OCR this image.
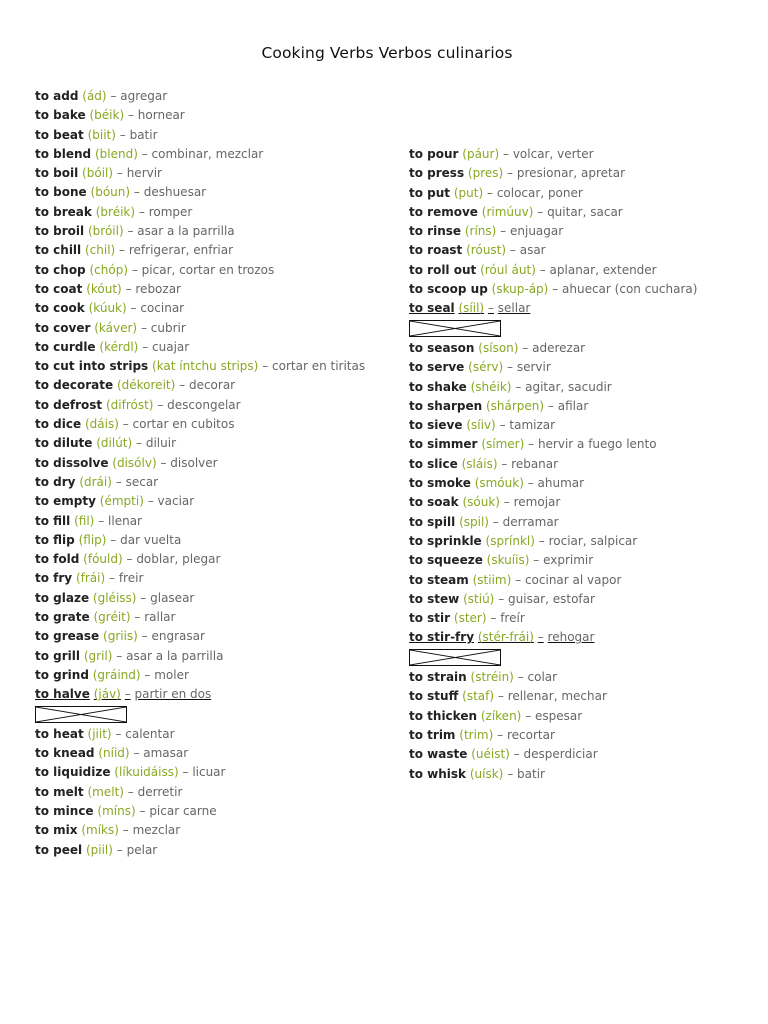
Cooking Verbs Verbos culinarios
to add (ád) – agregar
to bake (béik) – hornear
to beat (biit) – batir
to blend (blend) – combinar, mezclar
to boil (bóil) – hervir
to bone (bóun) – deshuesar
to break (bréik) – romper
to broil (bróil) – asar a la parrilla
to chill (chil) – refrigerar, enfriar
to chop (chóp) – picar, cortar en trozos
to coat (kóut) – rebozar
to cook (kúuk) – cocinar
to cover (káver) – cubrir
to curdle (kérdl) – cuajar
to cut into strips (kat íntchu strips) – cortar en tiritas
to decorate (dékoreit) – decorar
to defrost (difróst) – descongelar
to dice (dáis) – cortar en cubitos
to dilute (dilút) – diluir
to dissolve (disólv) – disolver
to dry (drái) – secar
to empty (émpti) – vaciar
to fill (fil) – llenar
to flip (flip) – dar vuelta
to fold (fóuld) – doblar, plegar
to fry (frái) – freir
to glaze (gléiss) – glasear
to grate (gréit) – rallar
to grease (griis) – engrasar
to grill (gril) – asar a la parrilla
to grind (gráind) – moler
to halve (jáv) – partir en dos
to heat (jiit) – calentar
to knead (níid) – amasar
to liquidize (líkuidáiss) – licuar
to melt (melt) – derretir
to mince (míns) – picar carne
to mix (míks) – mezclar
to peel (piil) – pelar
to pour (páur) – volcar, verter
to press (pres) – presionar, apretar
to put (put) – colocar, poner
to remove (rimúuv) – quitar, sacar
to rinse (ríns) – enjuagar
to roast (róust) – asar
to roll out (róul áut) – aplanar, extender
to scoop up (skup-áp) – ahuecar (con cuchara)
to seal (síil) – sellar
to season (síson) – aderezar
to serve (sérv) – servir
to shake (shéik) – agitar, sacudir
to sharpen (shárpen) – afilar
to sieve (síiv) – tamizar
to simmer (símer) – hervir a fuego lento
to slice (sláis) – rebanar
to smoke (smóuk) – ahumar
to soak (sóuk) – remojar
to spill (spil) – derramar
to sprinkle (sprínkl) – rociar, salpicar
to squeeze (skuíis) – exprimir
to steam (stiim) – cocinar al vapor
to stew (stiú) – guisar, estofar
to stir (ster) – freír
to stir-fry (stér-frái) – rehogar
to strain (stréin) – colar
to stuff (staf) – rellenar, mechar
to thicken (zíken) – espesar
to trim (trim) – recortar
to waste (uéist) – desperdiciar
to whisk (uísk) – batir
